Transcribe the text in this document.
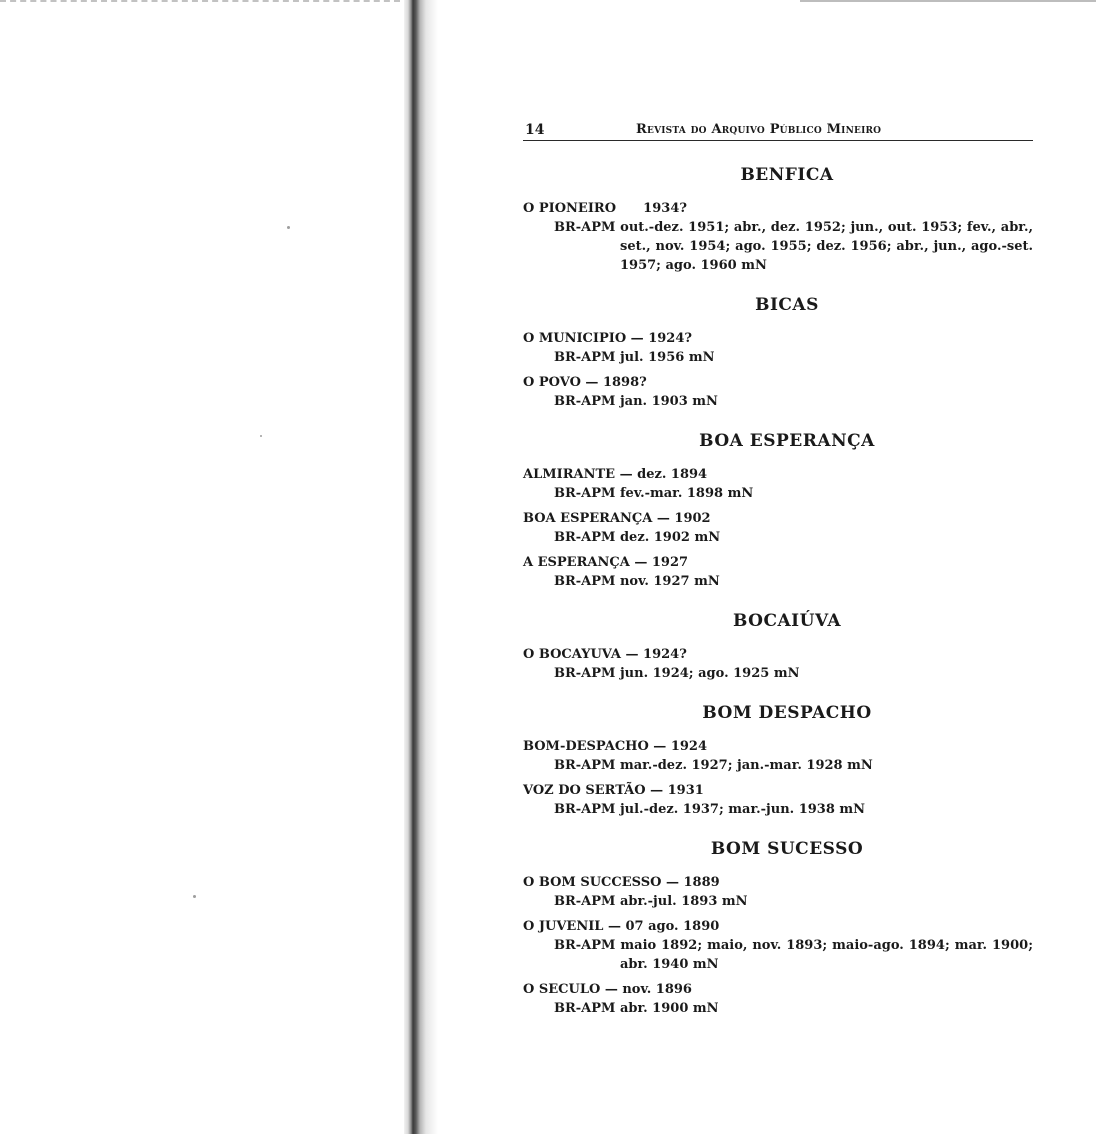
14	Revista do Arquivo Público Mineiro
BENFICA
O PIONEIRO      1934?
BR-APM out.-dez. 1951; abr., dez. 1952; jun., out. 1953; fev., abr., set., nov. 1954; ago. 1955; dez. 1956; abr., jun., ago.-set. 1957; ago. 1960 mN
BICAS
O MUNICIPIO — 1924?
BR-APM jul. 1956 mN
O POVO — 1898?
BR-APM jan. 1903 mN
BOA ESPERANÇA
ALMIRANTE — dez. 1894
BR-APM fev.-mar. 1898 mN
BOA ESPERANÇA — 1902
BR-APM dez. 1902 mN
A ESPERANÇA — 1927
BR-APM nov. 1927 mN
BOCAIÚVA
O BOCAYUVA — 1924?
BR-APM jun. 1924; ago. 1925 mN
BOM DESPACHO
BOM-DESPACHO — 1924
BR-APM mar.-dez. 1927; jan.-mar. 1928 mN
VOZ DO SERTÃO — 1931
BR-APM jul.-dez. 1937; mar.-jun. 1938 mN
BOM SUCESSO
O BOM SUCCESSO — 1889
BR-APM abr.-jul. 1893 mN
O JUVENIL — 07 ago. 1890
BR-APM maio 1892; maio, nov. 1893; maio-ago. 1894; mar. 1900; abr. 1940 mN
O SECULO — nov. 1896
BR-APM abr. 1900 mN
